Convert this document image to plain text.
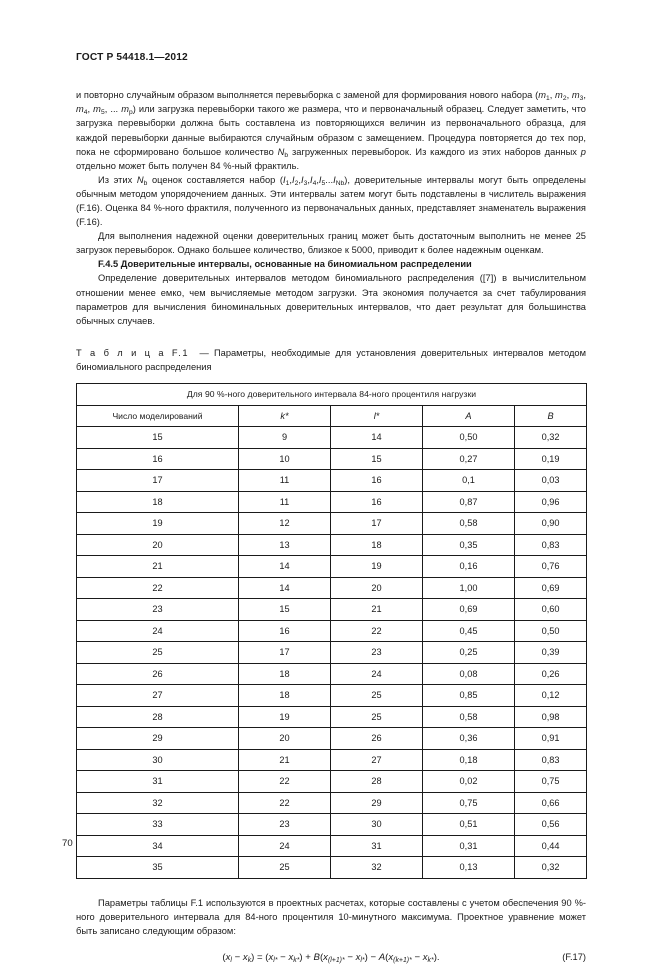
ГОСТ Р 54418.1—2012

и повторно случайным образом выполняется перевыборка с заменой для формирования нового набора ($m_1$, $m_2$, $m_3$, $m_4$, $m_5$, ... $m_p$) или загрузка перевыборки такого же размера, что и первоначальный образец. Следует заметить, что загрузка перевыборки должна быть составлена из повторяющихся величин из первоначального образца, для каждой перевыборки данные выбираются случайным образом с замещением. Процедура повторяется до тех пор, пока не сформировано большое количество $N_b$ загруженных перевыборок. Из каждого из этих наборов данных p отдельно может быть получен 84 %-ный фрактиль.

Из этих $N_b$ оценок составляется набор $(I_1,I_2,I_3,I_4,I_5...I_{Nb})$, доверительные интервалы могут быть определены обычным методом упорядочением данных. Эти интервалы затем могут быть подставлены в числитель выражения (F.16). Оценка 84 %-ного фрактиля, полученного из первоначальных данных, представляет знаменатель выражения (F.16).

Для выполнения надежной оценки доверительных границ может быть достаточным выполнить не менее 25 загрузок перевыборок. Однако большее количество, близкое к 5000, приводит к более надежным оценкам.

F.4.5 Доверительные интервалы, основанные на биномиальном распределении

Определение доверительных интервалов методом биномиального распределения ([7]) в вычислительном отношении менее емко, чем вычисляемые методом загрузки. Эта экономия получается за счет табулирования параметров для вычисления биноминальных доверительных интервалов, что дает результат для большинства обычных случаев.

Т а б л и ц а F.1 — Параметры, необходимые для установления доверительных интервалов методом биномиального распределения
Для 90 %-ного доверительного интервала 84-ного процентиля нагрузки				
Число моделирований	k*	l*	A	B
15	9	14	0,50	0,32
16	10	15	0,27	0,19
17	11	16	0,1	0,03
18	11	16	0,87	0,96
19	12	17	0,58	0,90
20	13	18	0,35	0,83
21	14	19	0,16	0,76
22	14	20	1,00	0,69
23	15	21	0,69	0,60
24	16	22	0,45	0,50
25	17	23	0,25	0,39
26	18	24	0,08	0,26
27	18	25	0,85	0,12
28	19	25	0,58	0,98
29	20	26	0,36	0,91
30	21	27	0,18	0,83
31	22	28	0,02	0,75
32	22	29	0,75	0,66
33	23	30	0,51	0,56
34	24	31	0,31	0,44
35	25	32	0,13	0,32

Параметры таблицы F.1 используются в проектных расчетах, которые составлены с учетом обеспечения 90 %-ного доверительного интервала для 84-ного процентиля 10-минутного максимума. Проектное уравнение может быть записано следующим образом:

$(x_l - x_k) = (x_{l*} - x_{k*}) + B(x_{(l+1)*} - x_{l*}) - A(x_{(k+1)*} - x_{k*})$.	(F.17)
70
